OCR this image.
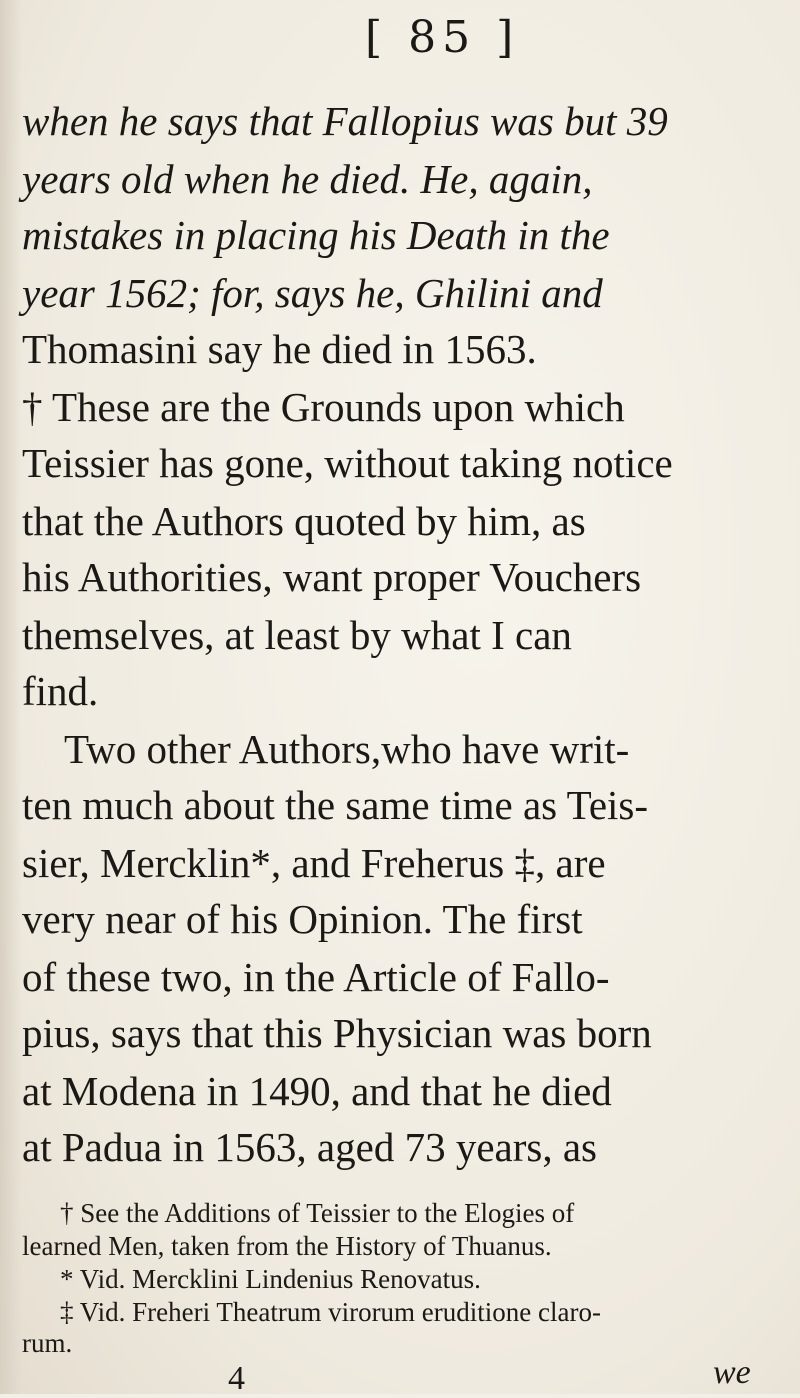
[ 85 ]

when he says that Fallopius was but 39

years old when he died. He, again,

mistakes in placing his Death in the

year 1562; for, says he, Ghilini and

Thomasini say he died in 1563.

† These are the Grounds upon which

Teissier has gone, without taking notice

that the Authors quoted by him, as

his Authorities, want proper Vouchers

themselves, at least by what I can

find.

Two other Authors,who have writ-

ten much about the same time as Teis-

sier, Mercklin*, and Freherus ‡, are

very near of his Opinion. The first

of these two, in the Article of Fallo-

pius, says that this Physician was born

at Modena in 1490, and that he died

at Padua in 1563, aged 73 years, as

† See the Additions of Teissier to the Elogies of

learned Men, taken from the History of Thuanus.

* Vid. Mercklini Lindenius Renovatus.

‡ Vid. Freheri Theatrum virorum eruditione claro-

rum.

4	we
